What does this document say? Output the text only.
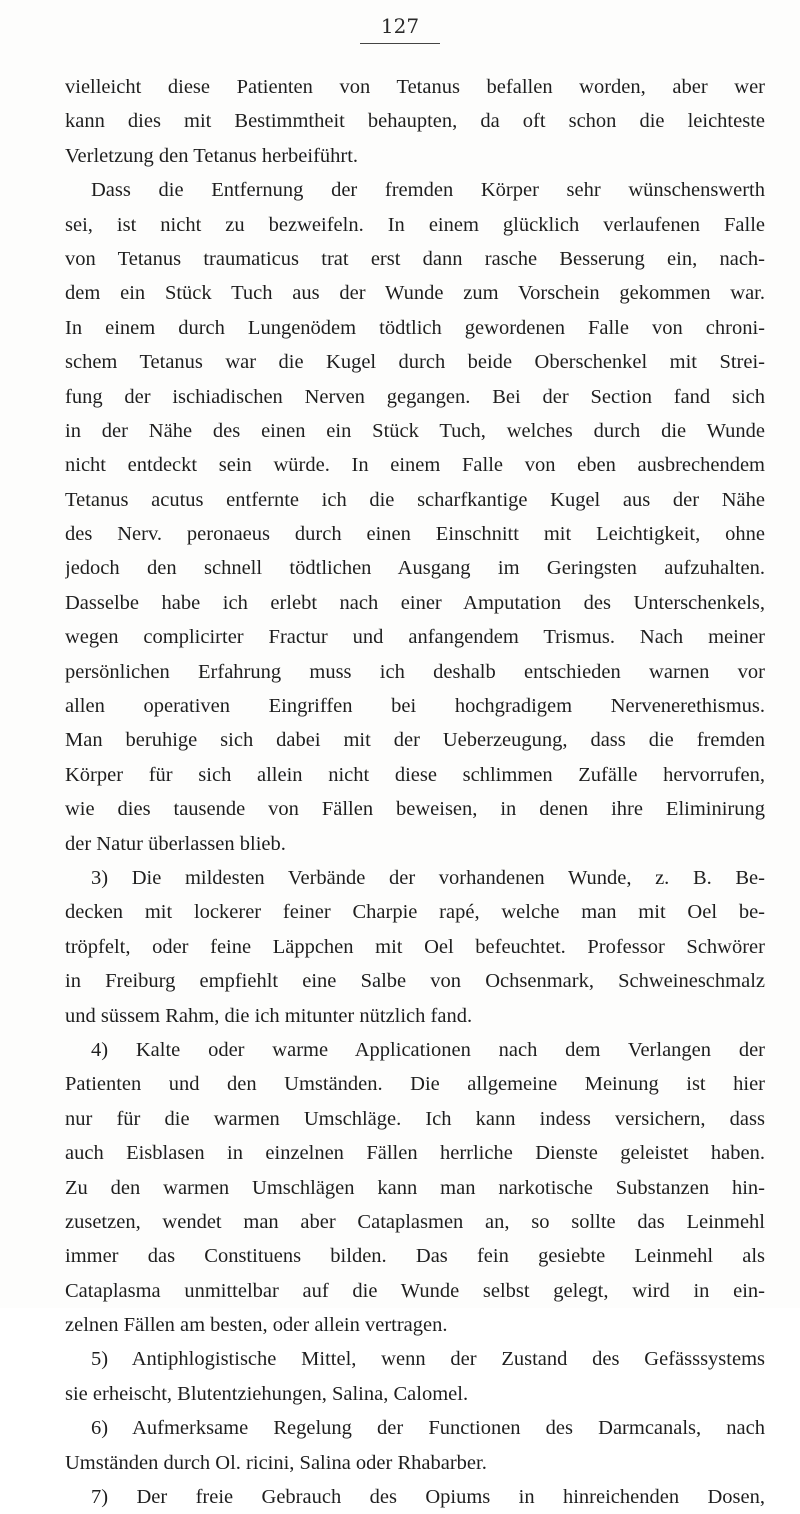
127
vielleicht diese Patienten von Tetanus befallen worden, aber wer
kann dies mit Bestimmtheit behaupten, da oft schon die leichteste
Verletzung den Tetanus herbeiführt.
Dass die Entfernung der fremden Körper sehr wünschenswerth
sei, ist nicht zu bezweifeln. In einem glücklich verlaufenen Falle
von Tetanus traumaticus trat erst dann rasche Besserung ein, nach-
dem ein Stück Tuch aus der Wunde zum Vorschein gekommen war.
In einem durch Lungenödem tödtlich gewordenen Falle von chroni-
schem Tetanus war die Kugel durch beide Oberschenkel mit Strei-
fung der ischiadischen Nerven gegangen. Bei der Section fand sich
in der Nähe des einen ein Stück Tuch, welches durch die Wunde
nicht entdeckt sein würde. In einem Falle von eben ausbrechendem
Tetanus acutus entfernte ich die scharfkantige Kugel aus der Nähe
des Nerv. peronaeus durch einen Einschnitt mit Leichtigkeit, ohne
jedoch den schnell tödtlichen Ausgang im Geringsten aufzuhalten.
Dasselbe habe ich erlebt nach einer Amputation des Unterschenkels,
wegen complicirter Fractur und anfangendem Trismus. Nach meiner
persönlichen Erfahrung muss ich deshalb entschieden warnen vor
allen operativen Eingriffen bei hochgradigem Nervenerethismus.
Man beruhige sich dabei mit der Ueberzeugung, dass die fremden
Körper für sich allein nicht diese schlimmen Zufälle hervorrufen,
wie dies tausende von Fällen beweisen, in denen ihre Eliminirung
der Natur überlassen blieb.
3) Die mildesten Verbände der vorhandenen Wunde, z. B. Be-
decken mit lockerer feiner Charpie rapé, welche man mit Oel be-
tröpfelt, oder feine Läppchen mit Oel befeuchtet. Professor Schwörer
in Freiburg empfiehlt eine Salbe von Ochsenmark, Schweineschmalz
und süssem Rahm, die ich mitunter nützlich fand.
4) Kalte oder warme Applicationen nach dem Verlangen der
Patienten und den Umständen. Die allgemeine Meinung ist hier
nur für die warmen Umschläge. Ich kann indess versichern, dass
auch Eisblasen in einzelnen Fällen herrliche Dienste geleistet haben.
Zu den warmen Umschlägen kann man narkotische Substanzen hin-
zusetzen, wendet man aber Cataplasmen an, so sollte das Leinmehl
immer das Constituens bilden. Das fein gesiebte Leinmehl als
Cataplasma unmittelbar auf die Wunde selbst gelegt, wird in ein-
zelnen Fällen am besten, oder allein vertragen.
5) Antiphlogistische Mittel, wenn der Zustand des Gefässsystems
sie erheischt, Blutentziehungen, Salina, Calomel.
6) Aufmerksame Regelung der Functionen des Darmcanals, nach
Umständen durch Ol. ricini, Salina oder Rhabarber.
7) Der freie Gebrauch des Opiums in hinreichenden Dosen,
